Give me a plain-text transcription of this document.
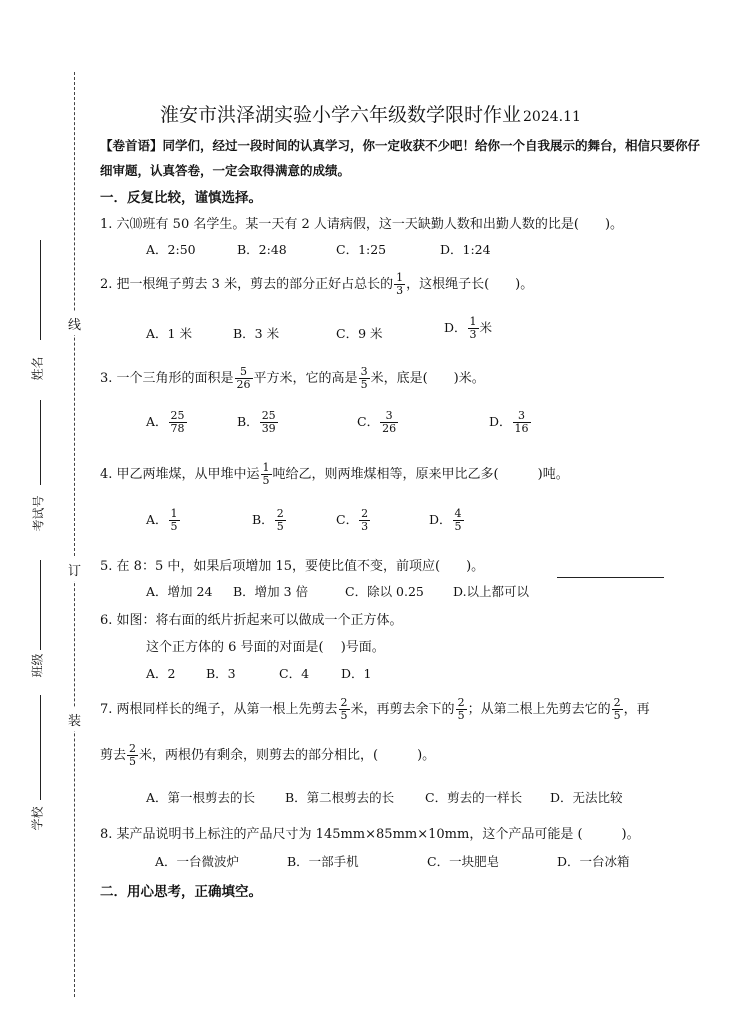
线
订
装
姓名
考试号
班级
学校
淮安市洪泽湖实验小学六年级数学限时作业 2024.11
【卷首语】同学们，经过一段时间的认真学习，你一定收获不少吧！给你一个自我展示的舞台，相信只要你仔细审题，认真答卷，一定会取得满意的成绩。
一．反复比较，谨慎选择。
1. 六⑽班有 50 名学生。某一天有 2 人请病假，这一天缺勤人数和出勤人数的比是(　　)。
A．2:50	B．2:48	C．1:25	D．1:24
2. 把一根绳子剪去 3 米，剪去的部分正好占总长的 $\frac{1}{3}$ ，这根绳子长(　　)。
A．1 米	B．3 米	C．9 米	D． $\frac{1}{3}$ 米
3. 一个三角形的面积是 $\frac{5}{26}$ 平方米，它的高是 $\frac{3}{5}$ 米，底是(　　)米。
A． $\frac{25}{78}$	B． $\frac{25}{39}$	C． $\frac{3}{26}$	D． $\frac{3}{16}$
4. 甲乙两堆煤，从甲堆中运 $\frac{1}{5}$ 吨给乙，则两堆煤相等，原来甲比乙多(　　　)吨。
A． $\frac{1}{5}$	B． $\frac{2}{5}$	C． $\frac{2}{3}$	D． $\frac{4}{5}$
5. 在 8：5 中，如果后项增加 15，要使比值不变，前项应(　　)。
A．增加 24 B．增加 3 倍	C．除以 0.25 D.以上都可以
6. 如图：将右面的纸片折起来可以做成一个正方体。
这个正方体的 6 号面的对面是(　 )号面。
A．2 B．3	C．4	D．1
7. 两根同样长的绳子，从第一根上先剪去 $\frac{2}{5}$ 米，再剪去余下的 $\frac{2}{5}$ ；从第二根上先剪去它的 $\frac{2}{5}$ ，再
剪去 $\frac{2}{5}$ 米，两根仍有剩余，则剪去的部分相比，(　　　)。
A．第一根剪去的长 B．第二根剪去的长 C．剪去的一样长 D．无法比较
8. 某产品说明书上标注的产品尺寸为 145mm×85mm×10mm，这个产品可能是 (　　　)。
A．一台微波炉	B．一部手机	C．一块肥皂	D．一台冰箱
二．用心思考，正确填空。
